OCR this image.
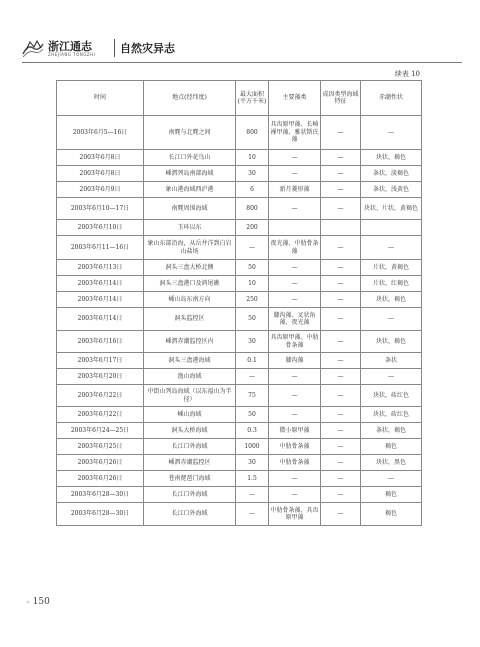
浙江通志
ZHEJIANG TONGZHI 自然灾异志
续表 10
时间	地点(经纬度)	最大面积(平方千米)	主要藻类	成因类型海域特征	赤潮性状
2003年6月5—16日	南麂与北麂之间	800	具齿原甲藻、长崎裸甲藻、雅状斯氏藻	—	—
2003年6月8日	长江口外花鸟山	10	—	—	块状，褐色
2003年6月8日	嵊泗列岛南部海域	30	—	—	条状，淡褐色
2003年6月9日	象山港海域西沪港	6	新月菱形藻	—	条状，浅黄色
2003年6月10—17日	南麂周围海域	800	—	—	块状、片状，黄褐色
2003年6月10日	玉环以东	200			
2003年6月11—16日	象山东部沿海，从岳井洋到白岩山盐场	—	夜光藻、中肋骨条藻	—	—
2003年6月13日	洞头三盘大桥北侧	50	—	—	片状，黄褐色
2003年6月14日	洞头三盘港口及鸿尾礁	10	—	—	片状，红褐色
2003年6月14日	嵊山岛东南方向	250	—	—	块状，褐色
2003年6月14日	洞头监控区	50	膝沟藻、叉状角藻、夜光藻	—	—
2003年6月16日	嵊泗赤潮监控区内	30	具齿原甲藻、中肋骨条藻	—	块状，褐色
2003年6月17日	洞头三盘港海域	0.1	膝沟藻	—	条状
2003年6月20日	渔山海域	—	—	—	—
2003年6月22日	中街山列岛海域（以东福山为半径）	75	—	—	块状，砖红色
2003年6月22日	嵊山海域	50	—	—	块状，砖红色
2003年6月24—25日	洞头大桥海域	0.3	微小原甲藻	—	条状，褐色
2003年6月25日	长江口外海域	1000	中肋骨条藻	—	褐色
2003年6月26日	嵊泗赤潮监控区	30	中肋骨条藻	—	块状，黑色
2003年6月26日	苍南琵琶门海域	1.5	—	—	—
2003年6月28—30日	长江口外海域	—	—	—	褐色
2003年6月28—30日	长江口外海域	—	中肋骨条藻、具齿原甲藻	—	褐色
» 150
